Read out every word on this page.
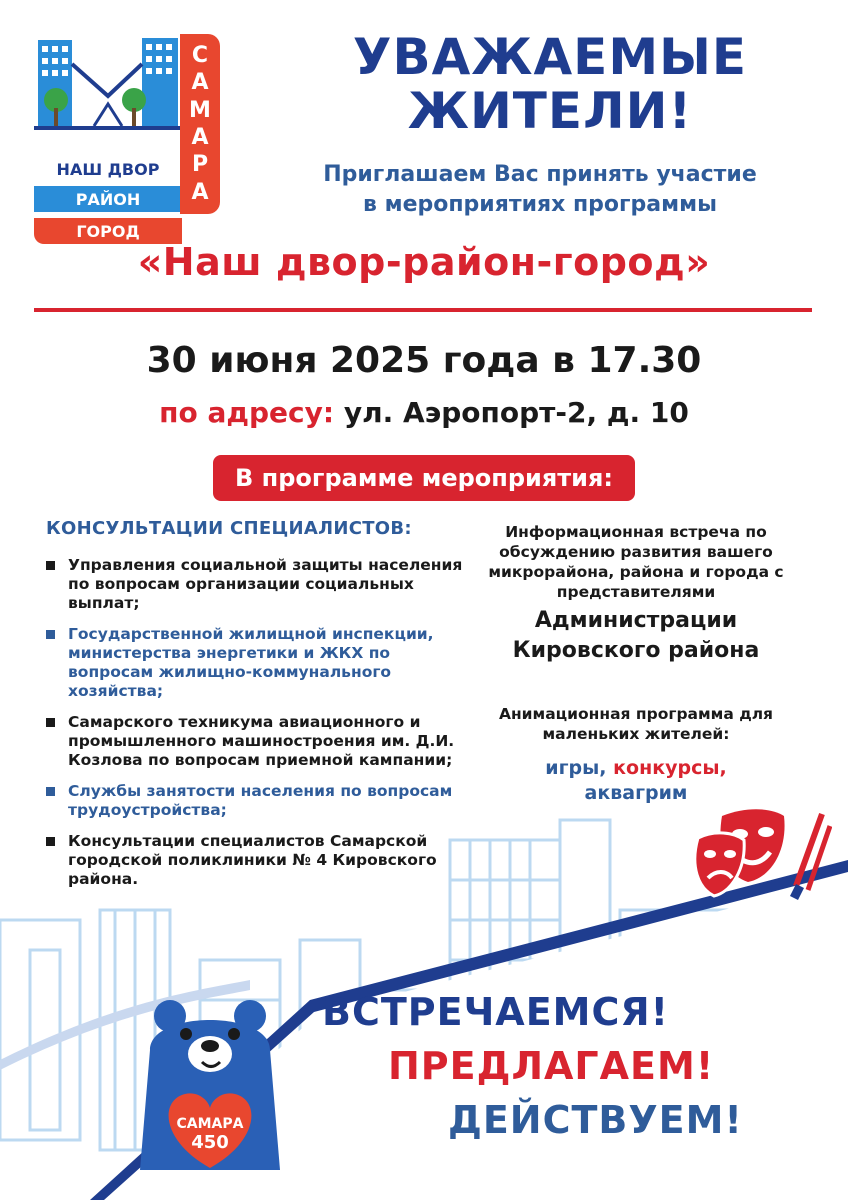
НАШ ДВОР
РАЙОН
ГОРОД
С
А
М
А
Р
А
УВАЖАЕМЫЕ
ЖИТЕЛИ!
Приглашаем Вас принять участие
в мероприятиях программы
«Наш двор-район-город»
30 июня 2025 года в 17.30
по адресу: ул. Аэропорт-2, д. 10
В программе мероприятия:
КОНСУЛЬТАЦИИ СПЕЦИАЛИСТОВ:
Управления социальной защиты населения по вопросам организации социальных выплат;
Государственной жилищной инспекции, министерства энергетики и ЖКХ по вопросам жилищно-коммунального хозяйства;
Самарского техникума авиационного и промышленного машиностроения им. Д.И. Козлова по вопросам приемной кампании;
Службы занятости населения по вопросам трудоустройства;
Консультации специалистов Самарской городской поликлиники № 4 Кировского района.
Информационная встреча по обсуждению развития вашего микрорайона, района и города с представителями
Администрации
Кировского района
Анимационная программа для маленьких жителей:
игры, конкурсы,
аквагрим
САМАРА
450
ВСТРЕЧАЕМСЯ!
ПРЕДЛАГАЕМ!
ДЕЙСТВУЕМ!
